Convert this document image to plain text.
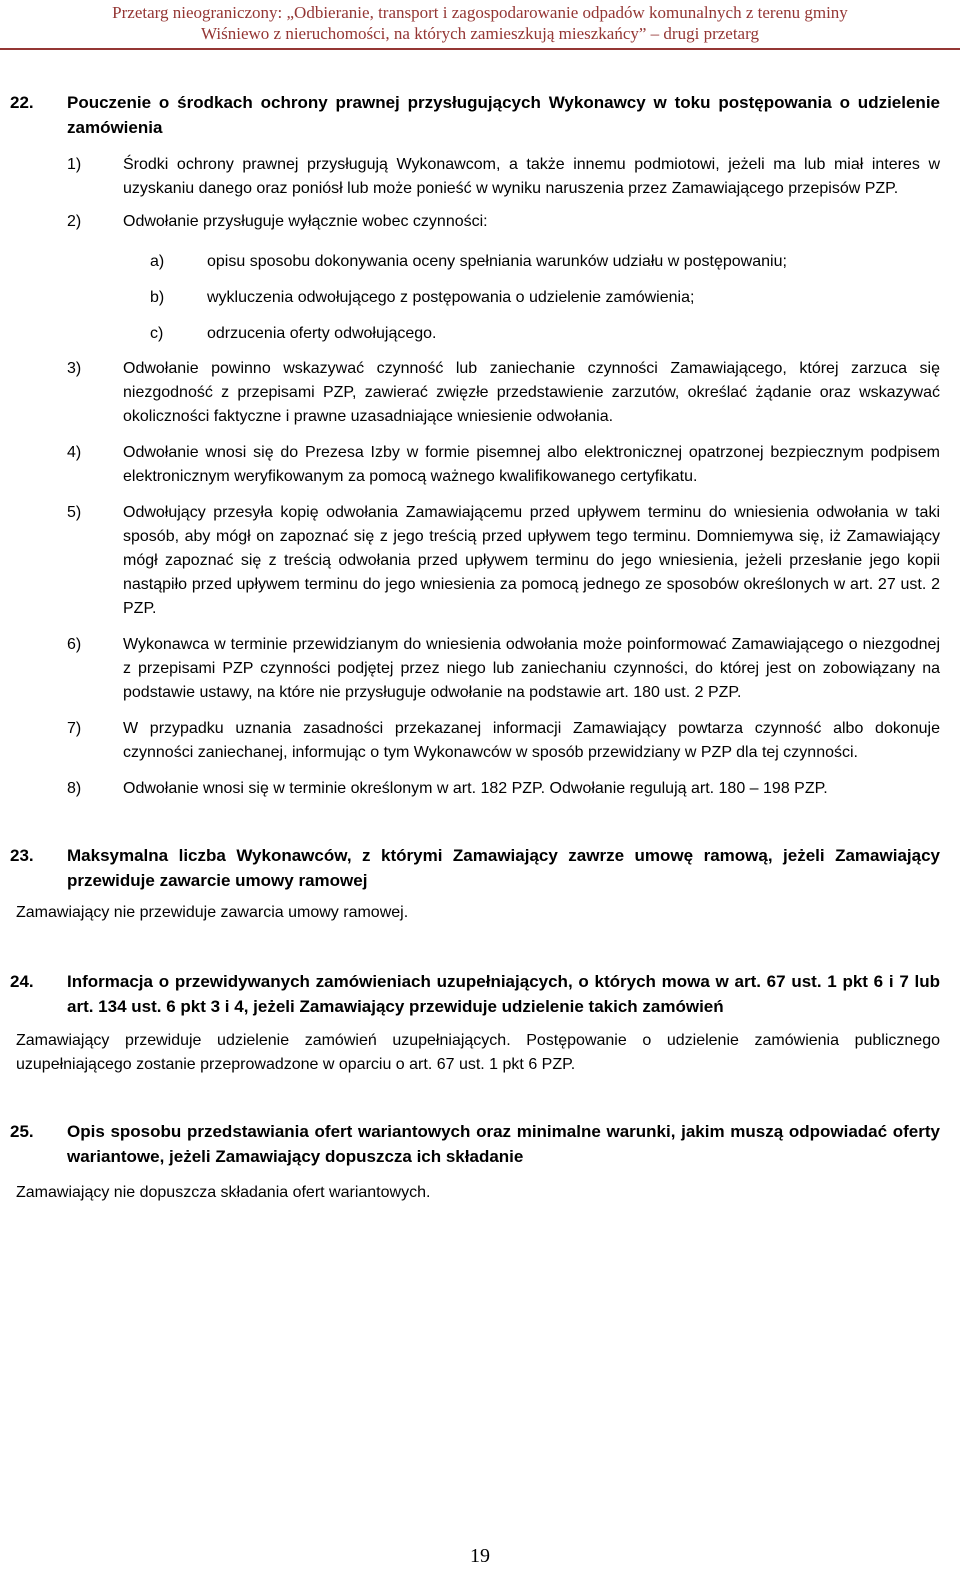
Przetarg nieograniczony: „Odbieranie, transport i zagospodarowanie odpadów komunalnych z terenu gminy
Wiśniewo z nieruchomości, na których zamieszkują mieszkańcy” – drugi przetarg
22. Pouczenie o środkach ochrony prawnej przysługujących Wykonawcy w toku postępowania o udzielenie zamówienia
1)	Środki ochrony prawnej przysługują Wykonawcom, a także innemu podmiotowi, jeżeli ma lub miał interes w uzyskaniu danego oraz poniósł lub może ponieść w wyniku naruszenia przez Zamawiającego przepisów PZP.
2)	Odwołanie przysługuje wyłącznie wobec czynności:
a)	opisu sposobu dokonywania oceny spełniania warunków udziału w postępowaniu;
b)	wykluczenia odwołującego z postępowania o udzielenie zamówienia;
c)	odrzucenia oferty odwołującego.
3)	Odwołanie powinno wskazywać czynność lub zaniechanie czynności Zamawiającego, której zarzuca się niezgodność z przepisami PZP, zawierać zwięzłe przedstawienie zarzutów, określać żądanie oraz wskazywać okoliczności faktyczne i prawne uzasadniające wniesienie odwołania.
4)	Odwołanie wnosi się do Prezesa Izby w formie pisemnej albo elektronicznej opatrzonej bezpiecznym podpisem elektronicznym weryfikowanym za pomocą ważnego kwalifikowanego certyfikatu.
5)	Odwołujący przesyła kopię odwołania Zamawiającemu przed upływem terminu do wniesienia odwołania w taki sposób, aby mógł on zapoznać się z jego treścią przed upływem tego terminu. Domniemywa się, iż Zamawiający mógł zapoznać się z treścią odwołania przed upływem terminu do jego wniesienia, jeżeli przesłanie jego kopii nastąpiło przed upływem terminu do jego wniesienia za pomocą jednego ze sposobów określonych w art. 27 ust. 2 PZP.
6)	Wykonawca w terminie przewidzianym do wniesienia odwołania może poinformować Zamawiającego o niezgodnej z przepisami PZP czynności podjętej przez niego lub zaniechaniu czynności, do której jest on zobowiązany na podstawie ustawy, na które nie przysługuje odwołanie na podstawie art. 180 ust. 2 PZP.
7)	W przypadku uznania zasadności przekazanej informacji Zamawiający powtarza czynność albo dokonuje czynności zaniechanej, informując o tym Wykonawców w sposób przewidziany w PZP dla tej czynności.
8)	Odwołanie wnosi się w terminie określonym w art. 182 PZP. Odwołanie regulują art. 180 – 198 PZP.
23. Maksymalna liczba Wykonawców, z którymi Zamawiający zawrze umowę ramową, jeżeli Zamawiający przewiduje zawarcie umowy ramowej
Zamawiający nie przewiduje zawarcia umowy ramowej.
24. Informacja o przewidywanych zamówieniach uzupełniających, o których mowa w art. 67 ust. 1 pkt 6 i 7 lub art. 134 ust. 6 pkt 3 i 4, jeżeli Zamawiający przewiduje udzielenie takich zamówień
Zamawiający przewiduje udzielenie zamówień uzupełniających. Postępowanie o udzielenie zamówienia publicznego uzupełniającego zostanie przeprowadzone w oparciu o art. 67 ust. 1 pkt 6 PZP.
25. Opis sposobu przedstawiania ofert wariantowych oraz minimalne warunki, jakim muszą odpowiadać oferty wariantowe, jeżeli Zamawiający dopuszcza ich składanie
Zamawiający nie dopuszcza składania ofert wariantowych.
19
